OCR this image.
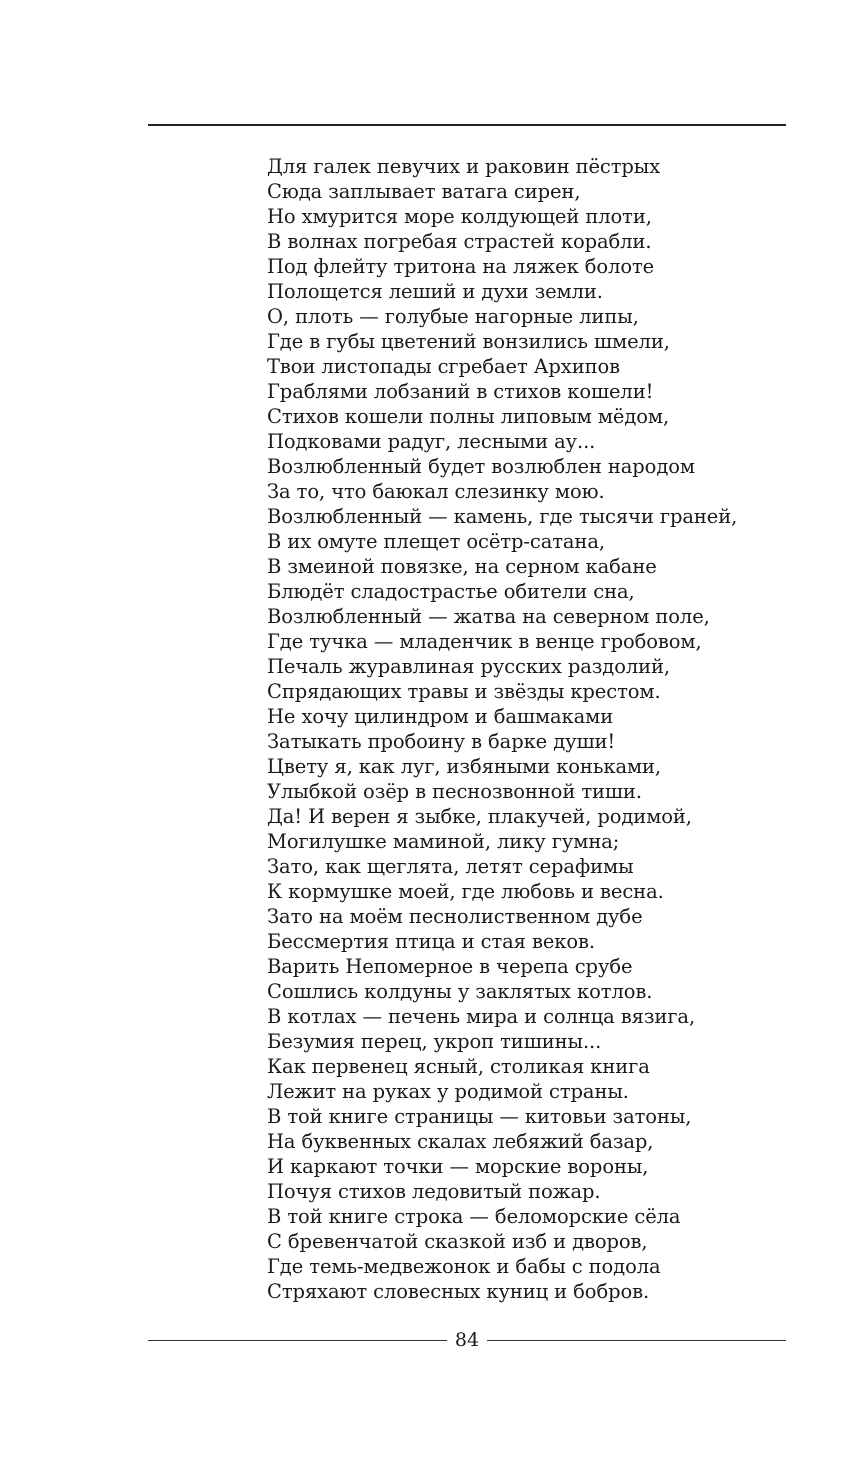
Для галек певучих и раковин пёстрых
Сюда заплывает ватага сирен,
Но хмурится море колдующей плоти,
В волнах погребая страстей корабли.
Под флейту тритона на ляжек болоте
Полощется леший и духи земли.
О, плоть — голубые нагорные липы,
Где в губы цветений вонзились шмели,
Твои листопады сгребает Архипов
Граблями лобзаний в стихов кошели!
Стихов кошели полны липовым мёдом,
Подковами радуг, лесными ау...
Возлюбленный будет возлюблен народом
За то, что баюкал слезинку мою.
Возлюбленный — камень, где тысячи граней,
В их омуте плещет осётр-сатана,
В змеиной повязке, на серном кабане
Блюдёт сладострастье обители сна,
Возлюбленный — жатва на северном поле,
Где тучка — младенчик в венце гробовом,
Печаль журавлиная русских раздолий,
Спрядающих травы и звёзды крестом.
Не хочу цилиндром и башмаками
Затыкать пробоину в барке души!
Цвету я, как луг, избяными коньками,
Улыбкой озёр в песнозвонной тиши.
Да! И верен я зыбке, плакучей, родимой,
Могилушке маминой, лику гумна;
Зато, как щеглята, летят серафимы
К кормушке моей, где любовь и весна.
Зато на моём песнолиственном дубе
Бессмертия птица и стая веков.
Варить Непомерное в черепа срубе
Сошлись колдуны у заклятых котлов.
В котлах — печень мира и солнца вязига,
Безумия перец, укроп тишины...
Как первенец ясный, столикая книга
Лежит на руках у родимой страны.
В той книге страницы — китовьи затоны,
На буквенных скалах лебяжий базар,
И каркают точки — морские вороны,
Почуя стихов ледовитый пожар.
В той книге строка — беломорские сёла
С бревенчатой сказкой изб и дворов,
Где темь-медвежонок и бабы с подола
Стряхают словесных куниц и бобров.
84
